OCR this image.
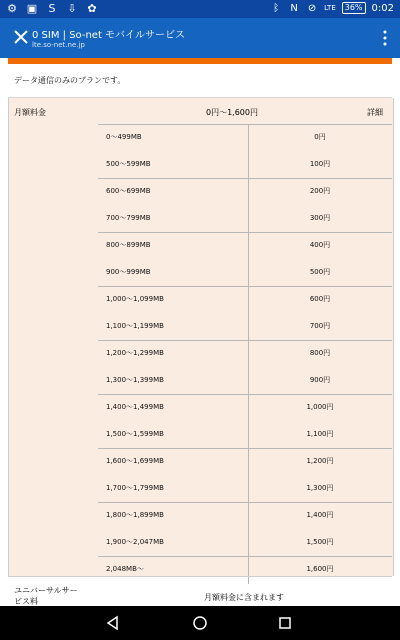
⚙ ▣ S ⇩ ✿	ᛒ	N ⊘ LTE	36% 0:02
0 SIM | So-net モバイルサービス
lte.so-net.ne.jp
データ通信のみのプランです。
月額料金	0円〜1,600円	詳細
0〜499MB	0円
500〜599MB	100円
600〜699MB	200円
700〜799MB	300円
800〜899MB	400円
900〜999MB	500円
1,000〜1,099MB	600円
1,100〜1,199MB	700円
1,200〜1,299MB	800円
1,300〜1,399MB	900円
1,400〜1,499MB	1,000円
1,500〜1,599MB	1,100円
1,600〜1,699MB	1,200円
1,700〜1,799MB	1,300円
1,800〜1,899MB	1,400円
1,900〜2,047MB	1,500円
2,048MB〜	1,600円
ユニバーサルサー
ビス料	月額料金に含まれます
